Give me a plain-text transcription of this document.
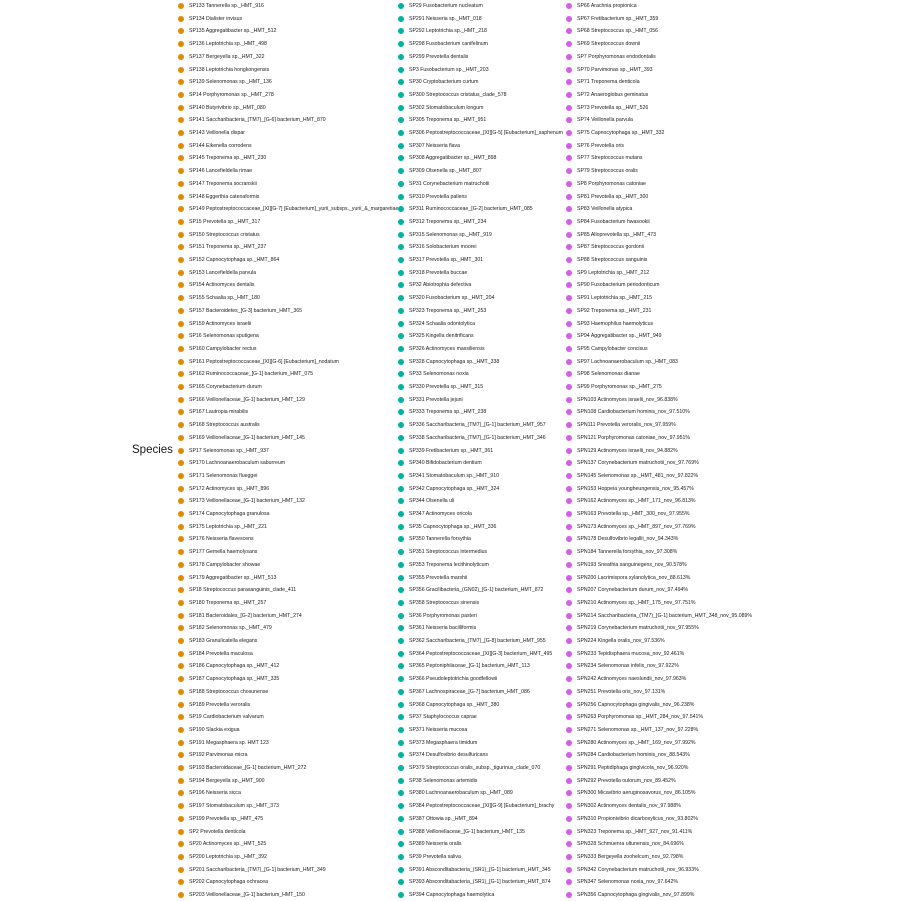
Species
SP133 Tannerella sp._HMT_916
SP134 Dialister invisus
SP135 Aggregatibacter sp._HMT_512
SP136 Leptotrichia sp._HMT_498
SP137 Bergeyella sp._HMT_322
SP138 Leptotrichia hongkongensis
SP139 Selenomonas sp._HMT_136
SP14 Porphyromonas sp._HMT_278
SP140 Butyrivibrio sp._HMT_080
SP141 Saccharibacteria_(TM7)_[G-6] bacterium_HMT_870
SP143 Veillonella dispar
SP144 Eikenella corrodens
SP145 Treponema sp._HMT_230
SP146 Lancefieldella rimae
SP147 Treponema socranskii
SP148 Eggerthia catenaformis
SP149 Peptostreptococcaceae_[XI][G-7] [Eubacterium]_yurii_subsps._yurii_&_margaretiae
SP15 Prevotella sp._HMT_317
SP150 Streptococcus cristatus
SP151 Treponema sp._HMT_237
SP152 Capnocytophaga sp._HMT_864
SP153 Lancefieldella parvula
SP154 Actinomyces dentalis
SP155 Schaalia sp._HMT_180
SP157 Bacteroidetes_[G-3] bacterium_HMT_365
SP159 Actinomyces israelii
SP16 Selenomonas sputigena
SP160 Campylobacter rectus
SP161 Peptostreptococcaceae_[XI][G-6] [Eubacterium]_nodatum
SP162 Ruminococcaceae_[G-1] bacterium_HMT_075
SP165 Corynebacterium durum
SP166 Veillonellaceae_[G-1] bacterium_HMT_129
SP167 Lautropia mirabilis
SP168 Streptococcus australis
SP169 Veillonellaceae_[G-1] bacterium_HMT_145
SP17 Selenomonas sp._HMT_937
SP170 Lachnoanaerobaculum saburreum
SP171 Selenomonas flueggei
SP172 Actinomyces sp._HMT_896
SP173 Veillonellaceae_[G-1] bacterium_HMT_132
SP174 Capnocytophaga granulosa
SP175 Leptotrichia sp._HMT_221
SP176 Neisseria flavescens
SP177 Gemella haemolysans
SP178 Campylobacter showae
SP179 Aggregatibacter sp._HMT_513
SP18 Streptococcus parasanguinis_clade_411
SP180 Treponema sp._HMT_257
SP181 Bacteroidales_[G-2] bacterium_HMT_274
SP182 Selenomonas sp._HMT_479
SP183 Granulicatella elegans
SP184 Prevotella maculosa
SP186 Capnocytophaga sp._HMT_412
SP187 Capnocytophaga sp._HMT_335
SP188 Streptococcus chosunense
SP189 Prevotella veroralis
SP19 Cardiobacterium valvarum
SP190 Slackia exigua
SP191 Megasphaera sp. HMT 123
SP192 Parvimonas micra
SP193 Bacteroidaceae_[G-1] bacterium_HMT_272
SP194 Bergeyella sp._HMT_900
SP196 Neisseria sicca
SP197 Stomatobaculum sp._HMT_373
SP199 Prevotella sp._HMT_475
SP2 Prevotella denticola
SP20 Actinomyces sp._HMT_525
SP200 Leptotrichia sp._HMT_392
SP201 Saccharibacteria_(TM7)_[G-1] bacterium_HMT_349
SP202 Capnocytophaga ochracea
SP203 Veillonellaceae_[G-1] bacterium_HMT_150
SP29 Fusobacterium nucleatum
SP291 Neisseria sp._HMT_018
SP292 Leptotrichia sp._HMT_218
SP298 Fusobacterium canifelinum
SP299 Prevotella dentalis
SP3 Fusobacterium sp._HMT_203
SP30 Cryptobacterium curtum
SP300 Streptococcus cristatus_clade_578
SP302 Stomatobaculum longum
SP305 Treponema sp._HMT_951
SP306 Peptostreptococcaceae_[XI][G-5] [Eubacterium]_saphenum
SP307 Neisseria flava
SP308 Aggregatibacter sp._HMT_898
SP309 Olsenella sp._HMT_807
SP31 Corynebacterium matruchotii
SP310 Prevotella pallens
SP311 Ruminococcaceae_[G-2] bacterium_HMT_085
SP312 Treponema sp._HMT_234
SP315 Selenomonas sp._HMT_919
SP316 Solobacterium moorei
SP317 Prevotella sp._HMT_301
SP318 Prevotella buccae
SP32 Abiotrophia defectiva
SP320 Fusobacterium sp._HMT_204
SP323 Treponema sp._HMT_253
SP324 Schaalia odontolytica
SP325 Kingella denitrificans
SP326 Actinomyces massiliensis
SP328 Capnocytophaga sp._HMT_338
SP33 Selenomonas noxia
SP330 Prevotella sp._HMT_315
SP331 Prevotella jejuni
SP333 Treponema sp._HMT_238
SP336 Saccharibacteria_(TM7)_[G-1] bacterium_HMT_957
SP338 Saccharibacteria_(TM7)_[G-1] bacterium_HMT_346
SP339 Fretibacterium sp._HMT_361
SP340 Bifidobacterium dentium
SP341 Stomatobaculum sp._HMT_910
SP342 Capnocytophaga sp._HMT_324
SP344 Olsenella uli
SP347 Actinomyces oricola
SP35 Capnocytophaga sp._HMT_336
SP350 Tannerella forsythia
SP351 Streptococcus intermedius
SP353 Treponema lecithinolyticum
SP355 Prevotella marshii
SP356 Gracilibacteria_(GN02)_[G-1] bacterium_HMT_872
SP358 Streptococcus sinensis
SP36 Porphyromonas pasteri
SP361 Neisseria bacilliformis
SP362 Saccharibacteria_(TM7)_[G-8] bacterium_HMT_955
SP364 Peptostreptococcaceae_[XI][G-3] bacterium_HMT_495
SP365 Peptoniphilaceae_[G-1] bacterium_HMT_113
SP366 Pseudoleptotrichia goodfellowii
SP367 Lachnospiraceae_[G-7] bacterium_HMT_086
SP368 Capnocytophaga sp._HMT_380
SP37 Staphylococcus caprae
SP371 Neisseria mucosa
SP373 Megasphaera timidum
SP374 Desulfovibrio desulfuricans
SP379 Streptococcus oralis_subsp._tigurinus_clade_070
SP38 Selenomonas artemidis
SP380 Lachnoanaerobaculum sp._HMT_089
SP384 Peptostreptococcaceae_[XI][G-9] [Eubacterium]_brachy
SP387 Ottowia sp._HMT_894
SP388 Veillonellaceae_[G-1] bacterium_HMT_135
SP389 Neisseria oralis
SP39 Prevotella saliva
SP391 Absconditabacteria_(SR1)_[G-1] bacterium_HMT_345
SP393 Absconditabacteria_(SR1)_[G-1] bacterium_HMT_874
SP394 Capnocytophaga haemolytica
SP66 Arachnia propionica
SP67 Fretibacterium sp._HMT_359
SP68 Streptococcus sp._HMT_056
SP69 Streptococcus downii
SP7 Porphyromonas endodontalis
SP70 Parvimonas sp._HMT_393
SP71 Treponema denticola
SP72 Anaeroglobus geminatus
SP73 Prevotella sp._HMT_526
SP74 Veillonella parvula
SP75 Capnocytophaga sp._HMT_332
SP76 Prevotella oris
SP77 Streptococcus mutans
SP79 Streptococcus oralis
SP8 Porphyromonas catoniae
SP81 Prevotella sp._HMT_300
SP83 Veillonella atypica
SP84 Fusobacterium hwasookii
SP85 Alloprevotella sp._HMT_473
SP87 Streptococcus gordonii
SP88 Streptococcus sanguinis
SP9 Leptotrichia sp._HMT_212
SP90 Fusobacterium periodonticum
SP91 Leptotrichia sp._HMT_215
SP92 Treponema sp._HMT_231
SP93 Haemophilus haemolyticus
SP94 Aggregatibacter sp._HMT_949
SP95 Campylobacter concisus
SP97 Lachnoanaerobaculum sp._HMT_083
SP98 Selenomonas dianae
SP99 Porphyromonas sp._HMT_275
SPN103 Actinomyces israelii_nov_96.838%
SPN108 Cardiobacterium hominis_nov_97.510%
SPN111 Prevotella veroralis_nov_97.959%
SPN121 Porphyromonas catoniae_nov_97.951%
SPN129 Actinomyces israelii_nov_94.882%
SPN137 Corynebacterium matruchotii_nov_97.769%
SPN145 Selenomonas sp._HMT_481_nov_97.822%
SPN153 Hoppeia youngheungensis_nov_95.457%
SPN162 Actinomyces sp._HMT_171_nov_96.813%
SPN163 Prevotella sp._HMT_300_nov_97.955%
SPN173 Actinomyces sp._HMT_897_nov_97.769%
SPN178 Desulfovibrio legallii_nov_94.343%
SPN184 Tannerella forsythia_nov_97.308%
SPN193 Sneathia sanguinegens_nov_90.578%
SPN200 Lacrimispora xylanolytica_nov_88.613%
SPN207 Corynebacterium durum_nov_97.494%
SPN210 Actinomyces sp._HMT_175_nov_97.751%
SPN214 Saccharibacteria_(TM7)_[G-1] bacterium_HMT_348_nov_95.089%
SPN219 Corynebacterium matruchotii_nov_97.955%
SPN224 Kingella oralis_nov_97.536%
SPN233 Tepidisphaera mucosa_nov_92.461%
SPN234 Selenomonas infelix_nov_97.922%
SPN242 Actinomyces naeslundii_nov_97.963%
SPN251 Prevotella oris_nov_97.131%
SPN256 Capnocytophaga gingivalis_nov_96.238%
SPN263 Porphyromonas sp._HMT_284_nov_97.541%
SPN271 Selenomonas sp._HMT_137_nov_97.228%
SPN280 Actinomyces sp._HMT_169_nov_97.992%
SPN284 Cardiobacterium hominis_nov_88.543%
SPN291 Peptidiphaga gingivicola_nov_96.920%
SPN292 Prevotella oulorum_nov_89.452%
SPN300 Micavibrio aeruginosavorus_nov_86.105%
SPN302 Actinomyces dentalis_nov_97.988%
SPN310 Propionivibrio dicarboxylicus_nov_93.802%
SPN323 Treponema sp._HMT_927_nov_91.411%
SPN328 Schmuenra ultunensis_nov_84.696%
SPN333 Bergeyella zoohelcum_nov_92.798%
SPN342 Corynebacterium matruchotii_nov_96.933%
SPN347 Selenomonas noxia_nov_97.642%
SPN356 Capnocytophaga gingivalis_nov_97.899%
